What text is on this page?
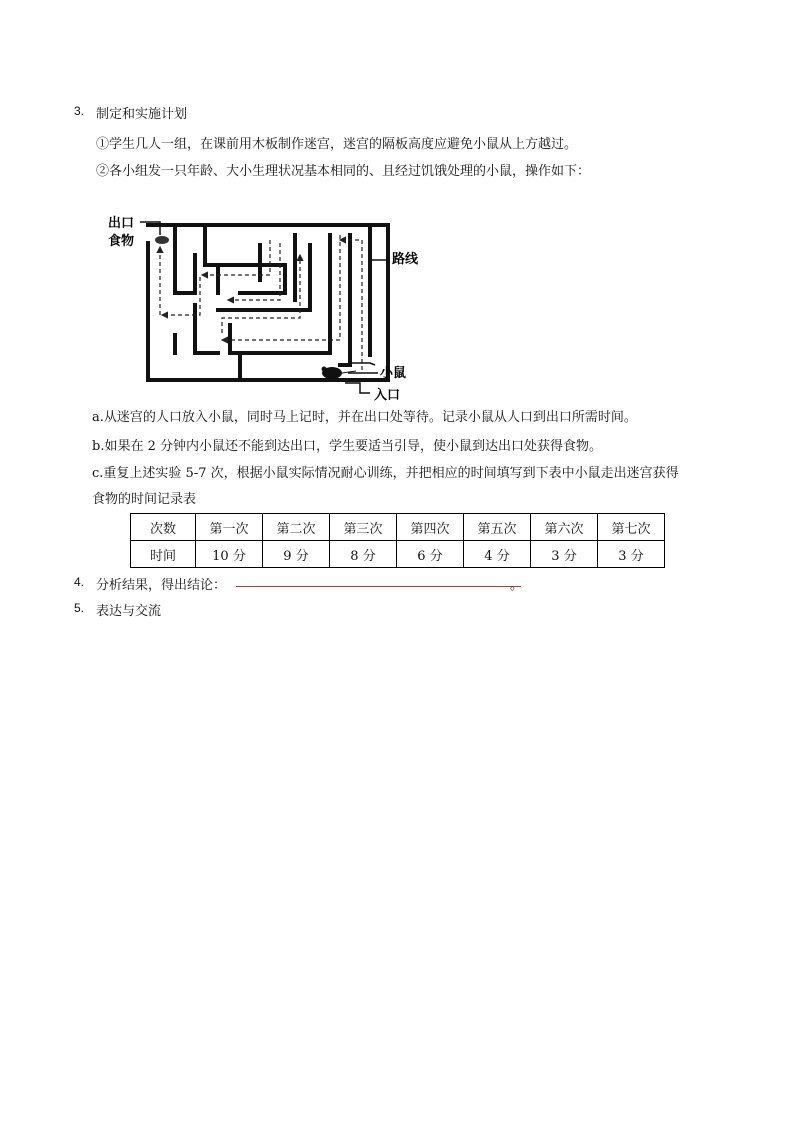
3. 制定和实施计划
①学生几人一组，在课前用木板制作迷宫，迷宫的隔板高度应避免小鼠从上方越过。
②各小组发一只年龄、大小生理状况基本相同的、且经过饥饿处理的小鼠，操作如下：
出口
食物
路线
小鼠
入口
a.从迷宫的人口放入小鼠，同时马上记时，并在出口处等待。记录小鼠从人口到出口所需时间。
b.如果在 2 分钟内小鼠还不能到达出口，学生要适当引导，使小鼠到达出口处获得食物。
c.重复上述实验 5-7 次，根据小鼠实际情况耐心训练，并把相应的时间填写到下表中小鼠走出迷宫获得
食物的时间记录表
次数	第一次	第二次	第三次	第四次	第五次	第六次	第七次
时间	10 分	9 分	8 分	6 分	4 分	3 分	3 分
4. 分析结果，得出结论：	。
5. 表达与交流
